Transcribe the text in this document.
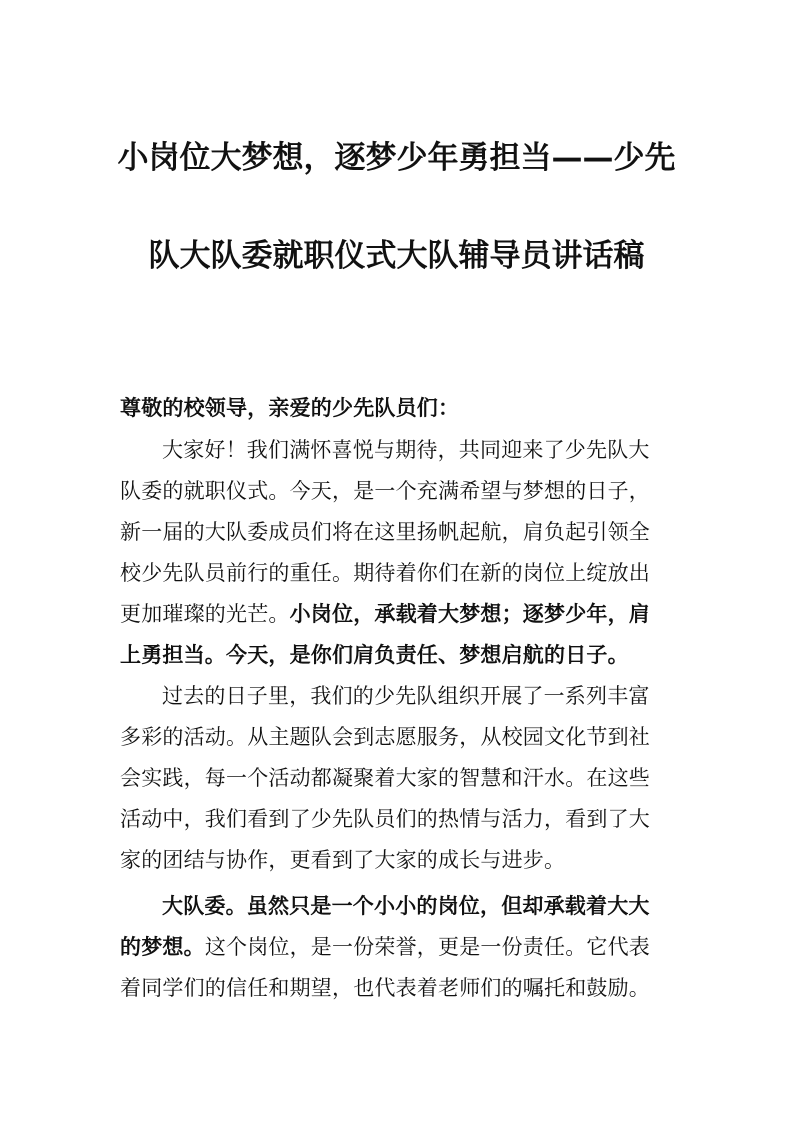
小岗位大梦想，逐梦少年勇担当——少先
队大队委就职仪式大队辅导员讲话稿
尊敬的校领导，亲爱的少先队员们：
大家好！我们满怀喜悦与期待，共同迎来了少先队大
队委的就职仪式。今天，是一个充满希望与梦想的日子，
新一届的大队委成员们将在这里扬帆起航，肩负起引领全
校少先队员前行的重任。期待着你们在新的岗位上绽放出
更加璀璨的光芒。小岗位，承载着大梦想；逐梦少年，肩
上勇担当。今天，是你们肩负责任、梦想启航的日子。
过去的日子里，我们的少先队组织开展了一系列丰富
多彩的活动。从主题队会到志愿服务，从校园文化节到社
会实践，每一个活动都凝聚着大家的智慧和汗水。在这些
活动中，我们看到了少先队员们的热情与活力，看到了大
家的团结与协作，更看到了大家的成长与进步。
大队委。虽然只是一个小小的岗位，但却承载着大大
的梦想。这个岗位，是一份荣誉，更是一份责任。它代表
着同学们的信任和期望，也代表着老师们的嘱托和鼓励。
